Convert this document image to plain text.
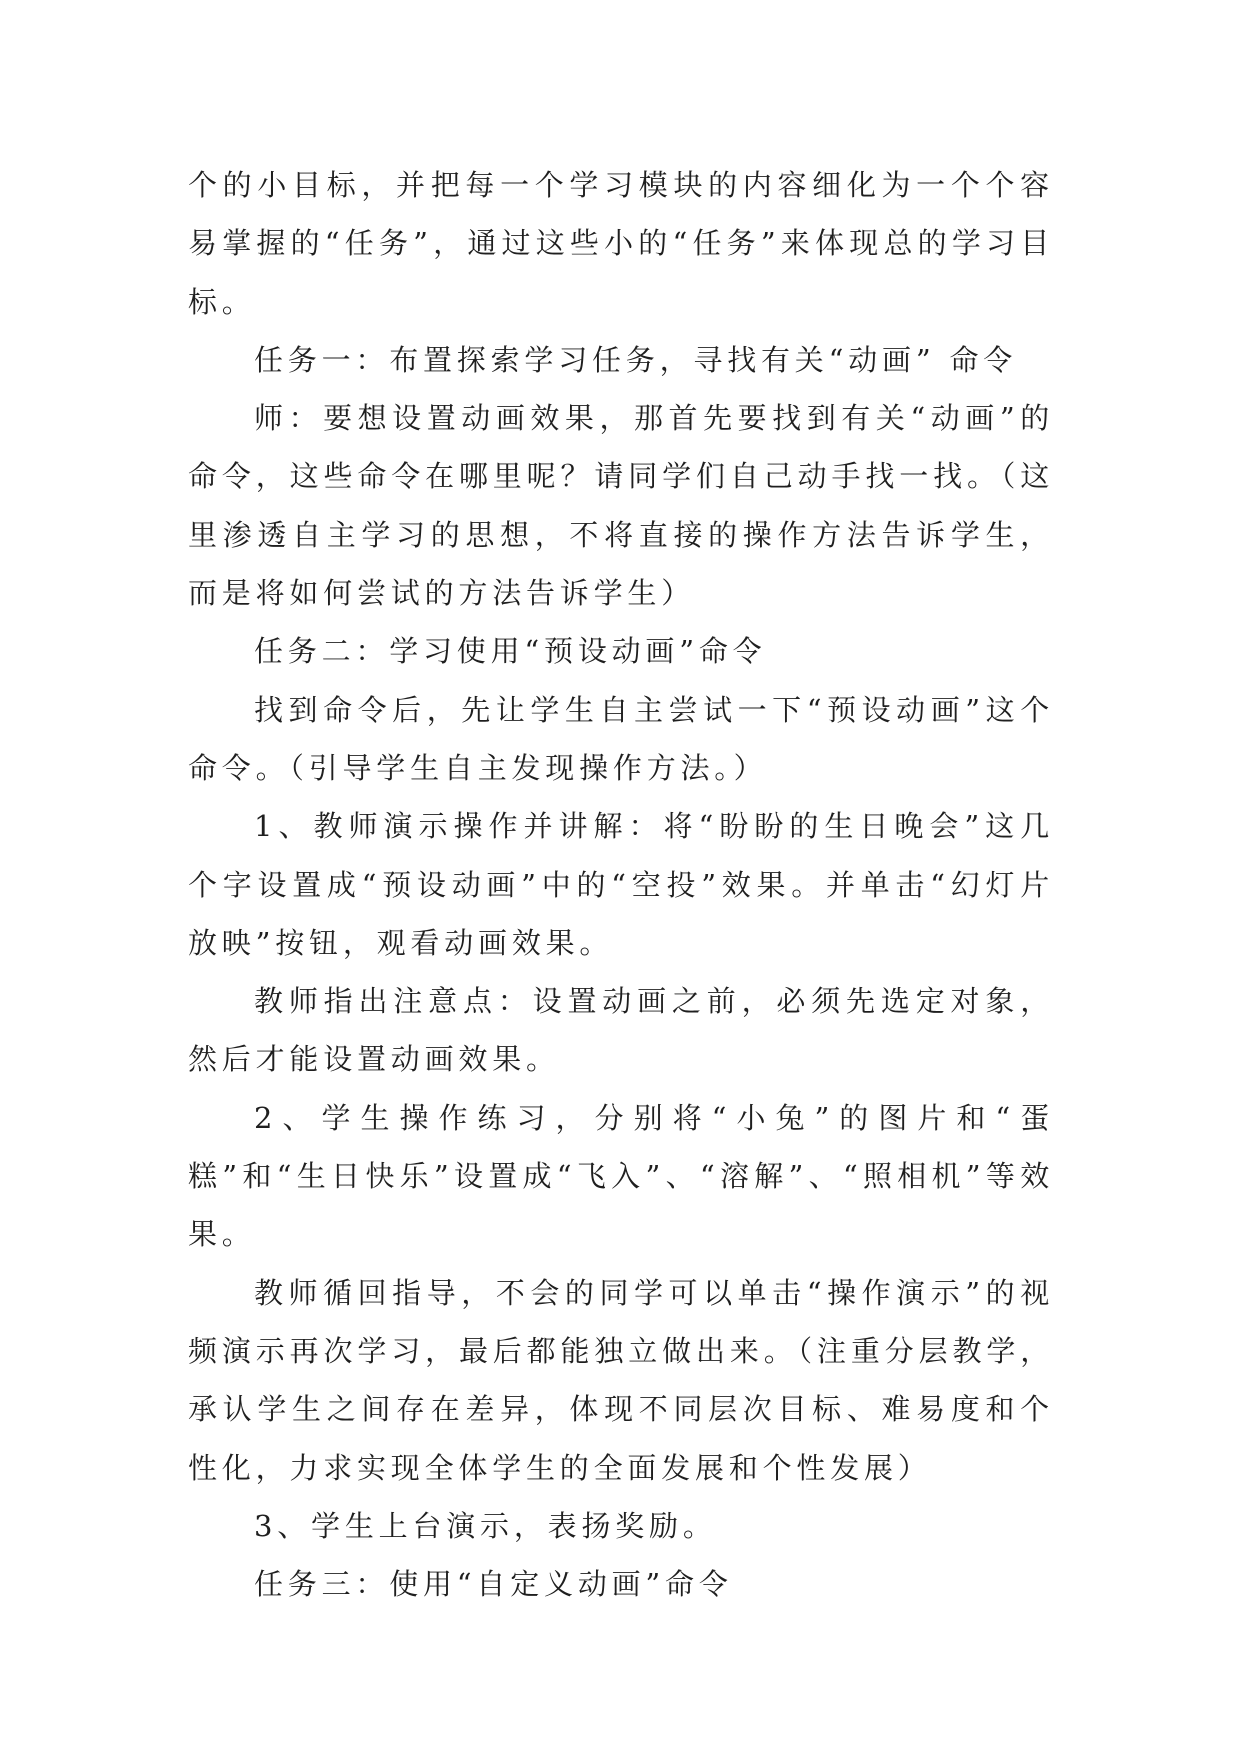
个的小目标，并把每一个学习模块的内容细化为一个个容易掌握的“任务”，通过这些小的“任务”来体现总的学习目标。

任务一：布置探索学习任务，寻找有关“动画” 命令

师：要想设置动画效果，那首先要找到有关“动画”的命令，这些命令在哪里呢？请同学们自己动手找一找。（这里渗透自主学习的思想，不将直接的操作方法告诉学生，而是将如何尝试的方法告诉学生）

任务二：学习使用“预设动画”命令

找到命令后，先让学生自主尝试一下“预设动画”这个命令。（引导学生自主发现操作方法。）

1、教师演示操作并讲解：将“盼盼的生日晚会”这几个字设置成“预设动画”中的“空投”效果。并单击“幻灯片放映”按钮，观看动画效果。

教师指出注意点：设置动画之前，必须先选定对象，然后才能设置动画效果。

2、学生操作练习，分别将“小兔”的图片和“蛋糕”和“生日快乐”设置成“飞入”、“溶解”、“照相机”等效果。

教师循回指导，不会的同学可以单击“操作演示”的视频演示再次学习，最后都能独立做出来。（注重分层教学，承认学生之间存在差异，体现不同层次目标、难易度和个性化，力求实现全体学生的全面发展和个性发展）

3、学生上台演示，表扬奖励。

任务三：使用“自定义动画”命令
